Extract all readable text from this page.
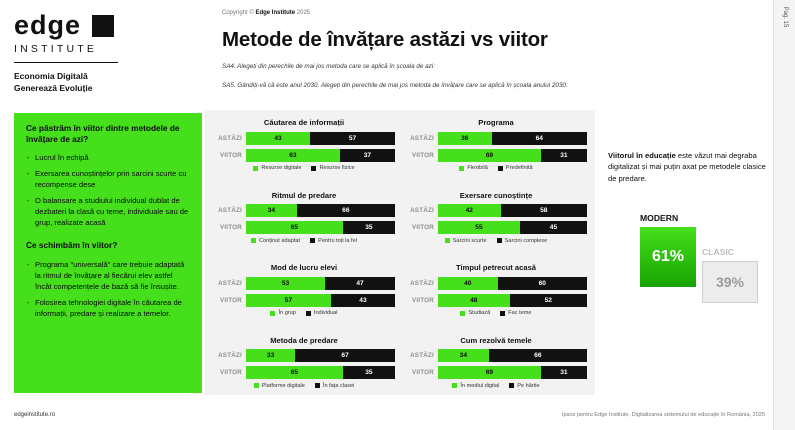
Pag. 15
edge
INSTITUTE
Economia Digitală
Generează Evoluție
Copyright © Edge Institute 2025
Metode de învățare astăzi vs viitor
SA4. Alegeți din perechile de mai jos metoda care se aplică în școala de azi:
SA5. Gândiți-vă că este anul 2030. Alegeți din perechile de mai jos metoda de învățare care se aplică în școala anului 2030:
Ce păstrăm în viitor dintre metodele de învățare de azi?
- Lucrul în echipă
- Exersarea cunoștințelor prin sarcini scurte cu recompense dese
- O balansare a studiului individual dublat de dezbateri la clasă cu teme, individuale sau de grup, realizate acasă
Ce schimbăm în viitor?
- Programa "universală" care trebuie adaptată la ritmul de învățare al fiecărui elev astfel încât competențele de bază să fie însușite.
- Folosirea tehnologiei digitale în căutarea de informații, predare și realizare a temelor.
Căutarea de informații
ASTĂZI	43	57
VIITOR	63	37
Resurse digitale	Resurse fizice
Programa
ASTĂZI	36	64
VIITOR	69	31
Flexibilă	Predefinită
Ritmul de predare
ASTĂZI	34	66
VIITOR	65	35
Conținut adaptat	Pentru toți la fel
Exersare cunoștințe
ASTĂZI	42	58
VIITOR	55	45
Sarcini scurte	Sarcini complexe
Mod de lucru elevi
ASTĂZI	53	47
VIITOR	57	43
În grup	Individual
Timpul petrecut acasă
ASTĂZI	40	60
VIITOR	48	52
Studiază	Fac teme
Metoda de predare
ASTĂZI	33	67
VIITOR	65	35
Platforme digitale	În fața clasei
Cum rezolvă temele
ASTĂZI	34	66
VIITOR	69	31
În mediul digital	Pe hârtie
Viitorul în educație este văzut mai degraba digitalizat și mai puțin axat pe metodele clasice de predare.
MODERN
61% CLASIC
39%
edgeinstitute.ro	Ipsos pentru Edge Institute, Digitalizarea sistemului de educație în România, 2025
